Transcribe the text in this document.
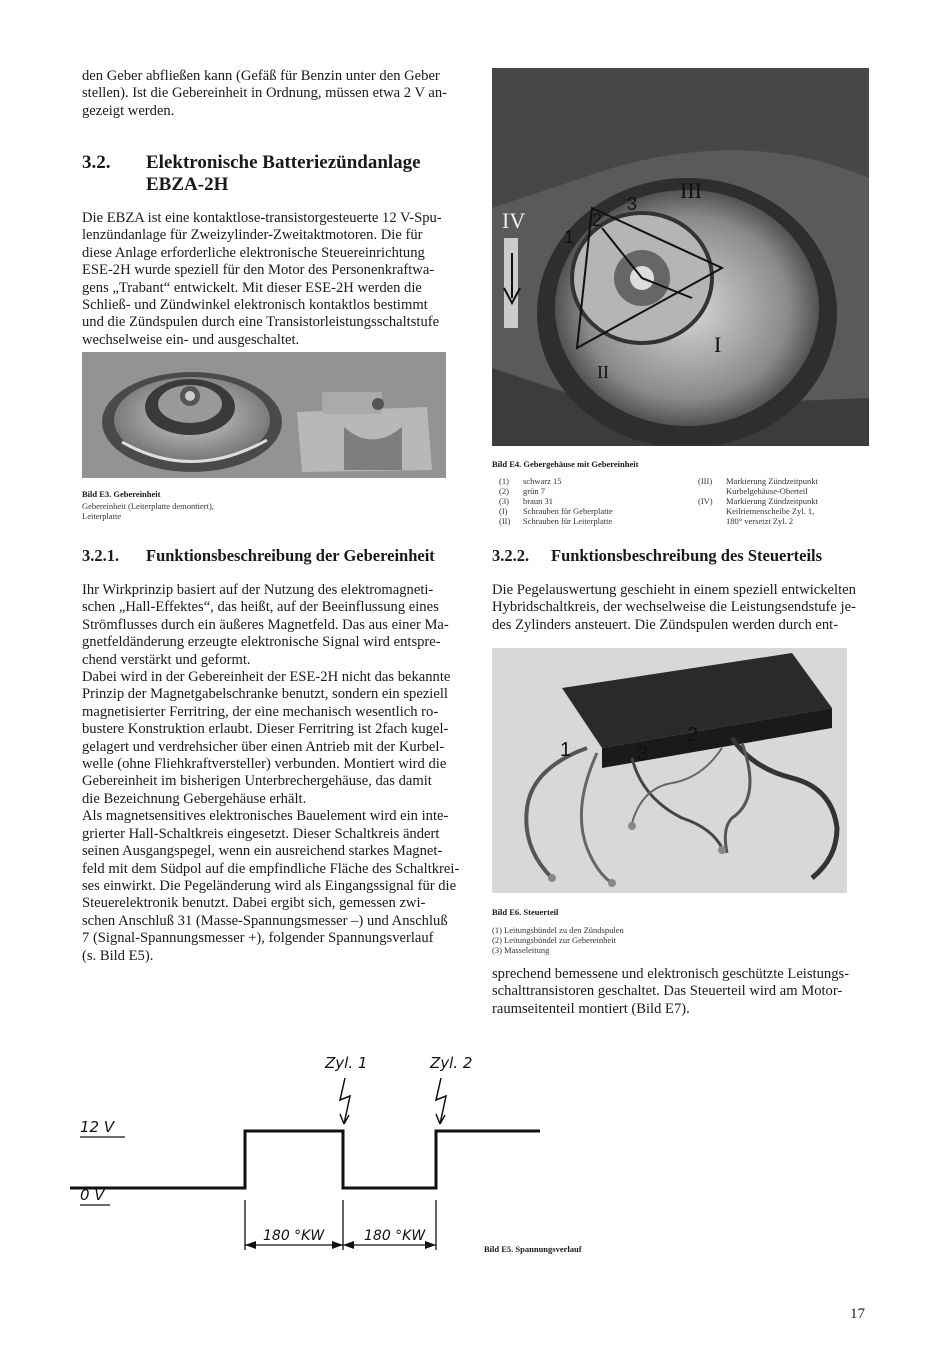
den Geber abfließen kann (Gefäß für Benzin unter den Geber

stellen). Ist die Gebereinheit in Ordnung, müssen etwa 2 V an-

gezeigt werden.

3.2. Elektronische Batteriezündanlage
EBZA-2H

Die EBZA ist eine kontaktlose-transistorgesteuerte 12 V-Spu-

lenzündanlage für Zweizylinder-Zweitaktmotoren. Die für

diese Anlage erforderliche elektronische Steuereinrichtung

ESE-2H wurde speziell für den Motor des Personenkraftwa-

gens „Trabant“ entwickelt. Mit dieser ESE-2H werden die

Schließ- und Zündwinkel elektronisch kontaktlos bestimmt

und die Zündspulen durch eine Transistorleistungsschaltstufe

wechselweise ein- und ausgeschaltet.

Bild E3. Gebereinheit
Gebereinheit (Leiterplatte demontiert),
Leiterplatte
3.2.1. Funktionsbeschreibung der Gebereinheit

Ihr Wirkprinzip basiert auf der Nutzung des elektromagneti-

schen „Hall-Effektes“, das heißt, auf der Beeinflussung eines

Strömflusses durch ein äußeres Magnetfeld. Das aus einer Ma-

gnetfeldänderung erzeugte elektronische Signal wird entspre-

chend verstärkt und geformt.

Dabei wird in der Gebereinheit der ESE-2H nicht das bekannte

Prinzip der Magnetgabelschranke benutzt, sondern ein speziell

magnetisierter Ferritring, der eine mechanisch wesentlich ro-

bustere Konstruktion erlaubt. Dieser Ferritring ist 2fach kugel-

gelagert und verdrehsicher über einen Antrieb mit der Kurbel-

welle (ohne Fliehkraftversteller) verbunden. Montiert wird die

Gebereinheit im bisherigen Unterbrechergehäuse, das damit

die Bezeichnung Gebergehäuse erhält.

Als magnetsensitives elektronisches Bauelement wird ein inte-

grierter Hall-Schaltkreis eingesetzt. Dieser Schaltkreis ändert

seinen Ausgangspegel, wenn ein ausreichend starkes Magnet-

feld mit dem Südpol auf die empfindliche Fläche des Schaltkrei-

ses einwirkt. Die Pegeländerung wird als Eingangssignal für die

Steuerelektronik benutzt. Dabei ergibt sich, gemessen zwi-

schen Anschluß 31 (Masse-Spannungsmesser –) und Anschluß

7 (Signal-Spannungsmesser +), folgender Spannungsverlauf

(s. Bild E5).

III
3
2
1
I
II
IV
Bild E4. Gebergehäuse mit Gebereinheit
(1)	schwarz 15
(2)	grün 7
(3)	braun 31
(I)	Schrauben für Geberplatte
(II)	Schrauben für Leiterplatte
(III)	Markierung Zündzeitpunkt
Kurbelgehäuse-Oberteil
(IV)	Markierung Zündzeitpunkt
Keilriemenscheibe Zyl. 1,
180° versetzt Zyl. 2
3.2.2. Funktionsbeschreibung des Steuerteils

Die Pegelauswertung geschieht in einem speziell entwickelten

Hybridschaltkreis, der wechselweise die Leistungsendstufe je-

des Zylinders ansteuert. Die Zündspulen werden durch ent-

1
2
3
Bild E6. Steuerteil
(1) Leitungsbündel zu den Zündspulen
(2) Leitungsbündel zur Gebereinheit
(3) Masseleitung

sprechend bemessene und elektronisch geschützte Leistungs-

schalttransistoren geschaltet. Das Steuerteil wird am Motor-

raumseitenteil montiert (Bild E7).

12 V
0 V
Zyl. 1	Zyl. 2
180 °KW	180 °KW
Bild E5. Spannungsverlauf
17
